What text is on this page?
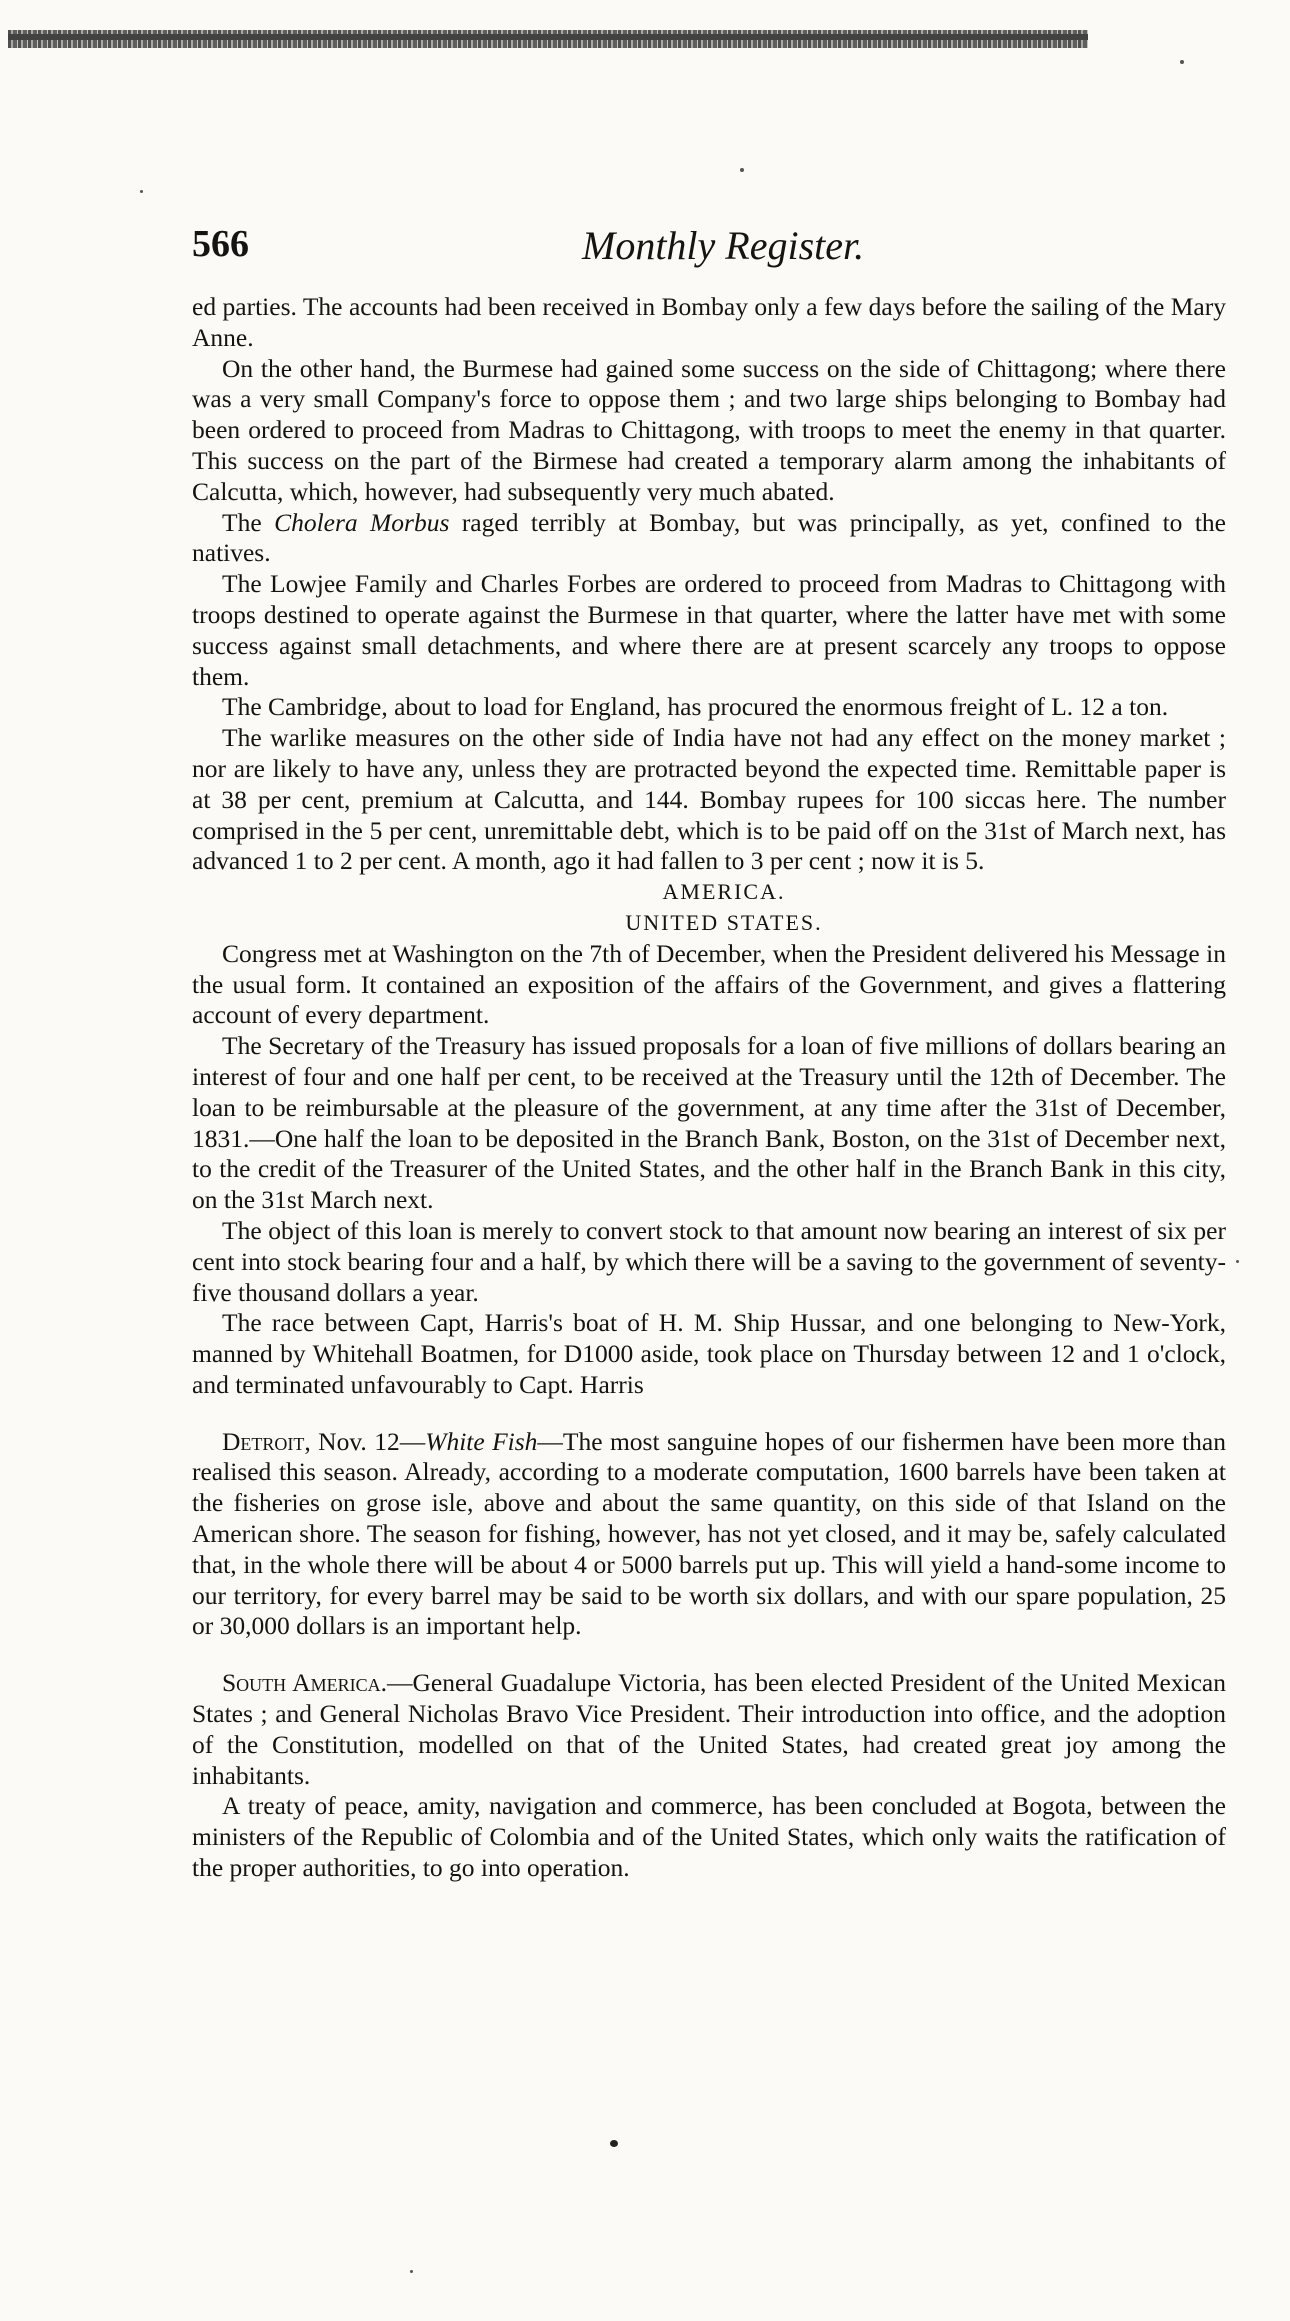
566	Monthly Register.

ed parties. The accounts had been received in Bombay only a few days before the sailing of the Mary Anne.

On the other hand, the Burmese had gained some success on the side of Chittagong; where there was a very small Company's force to oppose them ; and two large ships belonging to Bombay had been ordered to proceed from Madras to Chittagong, with troops to meet the enemy in that quarter. This success on the part of the Birmese had created a temporary alarm among the inhabitants of Calcutta, which, however, had subsequently very much abated.

The Cholera Morbus raged terribly at Bombay, but was principally, as yet, confined to the natives.

The Lowjee Family and Charles Forbes are ordered to proceed from Madras to Chittagong with troops destined to operate against the Burmese in that quarter, where the latter have met with some success against small detachments, and where there are at present scarcely any troops to oppose them.

The Cambridge, about to load for England, has procured the enormous freight of L. 12 a ton.

The warlike measures on the other side of India have not had any effect on the money market ; nor are likely to have any, unless they are protracted beyond the expected time. Remittable paper is at 38 per cent, premium at Calcutta, and 144. Bombay rupees for 100 siccas here. The number comprised in the 5 per cent, unremittable debt, which is to be paid off on the 31st of March next, has advanced 1 to 2 per cent. A month, ago it had fallen to 3 per cent ; now it is 5.

AMERICA.

UNITED STATES.

Congress met at Washington on the 7th of December, when the President delivered his Message in the usual form. It contained an exposition of the affairs of the Government, and gives a flattering account of every department.

The Secretary of the Treasury has issued proposals for a loan of five millions of dollars bearing an interest of four and one half per cent, to be received at the Treasury until the 12th of December. The loan to be reimbursable at the pleasure of the government, at any time after the 31st of December, 1831.—One half the loan to be deposited in the Branch Bank, Boston, on the 31st of December next, to the credit of the Treasurer of the United States, and the other half in the Branch Bank in this city, on the 31st March next.

The object of this loan is merely to convert stock to that amount now bearing an interest of six per cent into stock bearing four and a half, by which there will be a saving to the government of seventy-five thousand dollars a year.

The race between Capt, Harris's boat of H. M. Ship Hussar, and one belonging to New-York, manned by Whitehall Boatmen, for D1000 aside, took place on Thursday between 12 and 1 o'clock, and terminated unfavourably to Capt. Harris

Detroit, Nov. 12—White Fish—The most sanguine hopes of our fishermen have been more than realised this season. Already, according to a moderate computation, 1600 barrels have been taken at the fisheries on grose isle, above and about the same quantity, on this side of that Island on the American shore. The season for fishing, however, has not yet closed, and it may be, safely calculated that, in the whole there will be about 4 or 5000 barrels put up. This will yield a hand-some income to our territory, for every barrel may be said to be worth six dollars, and with our spare population, 25 or 30,000 dollars is an important help.

South America.—General Guadalupe Victoria, has been elected President of the United Mexican States ; and General Nicholas Bravo Vice President. Their introduction into office, and the adoption of the Constitution, modelled on that of the United States, had created great joy among the inhabitants.

A treaty of peace, amity, navigation and commerce, has been concluded at Bogota, between the ministers of the Republic of Colombia and of the United States, which only waits the ratification of the proper authorities, to go into operation.
